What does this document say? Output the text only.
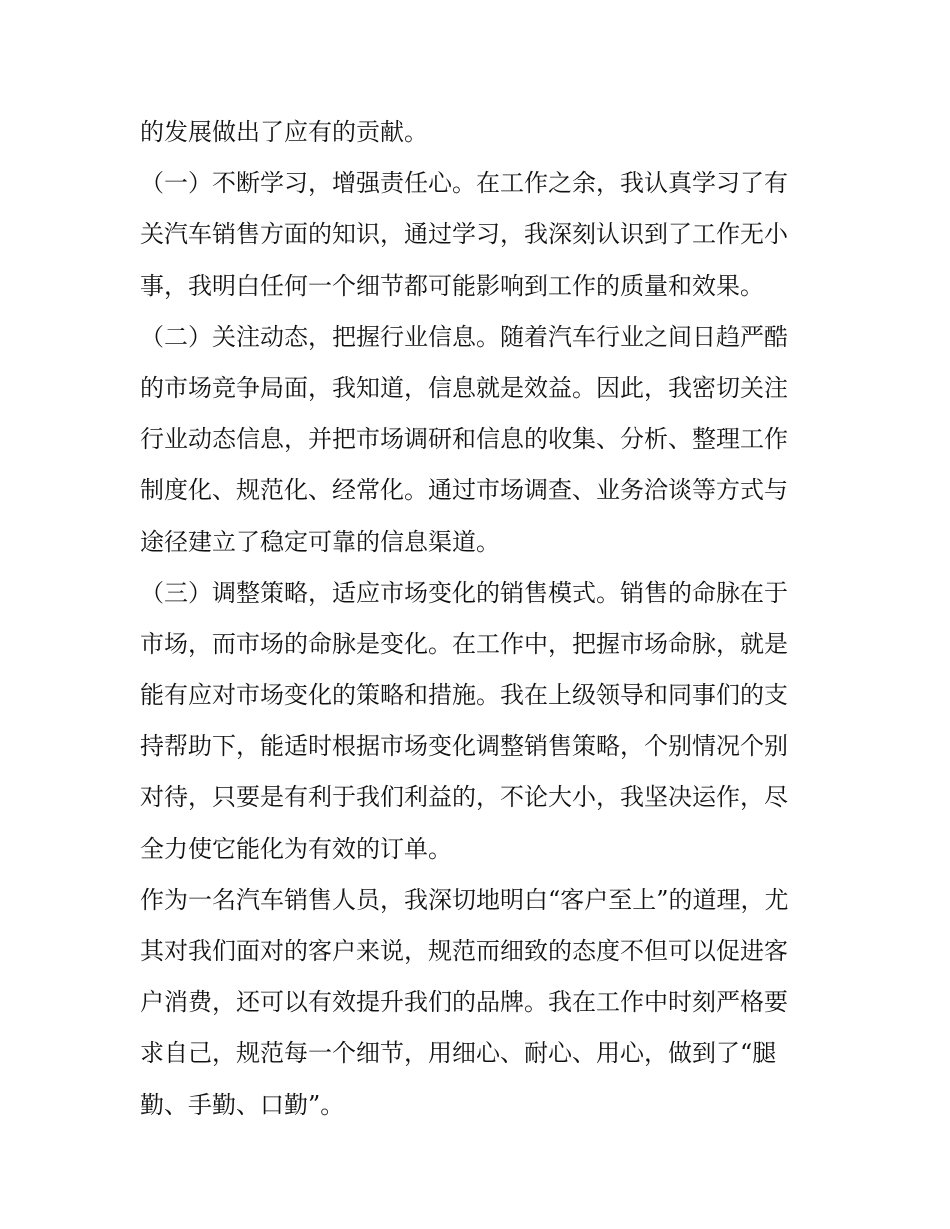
的发展做出了应有的贡献。
（一）不断学习，增强责任心。在工作之余，我认真学习了有
关汽车销售方面的知识，通过学习，我深刻认识到了工作无小
事，我明白任何一个细节都可能影响到工作的质量和效果。
（二）关注动态，把握行业信息。随着汽车行业之间日趋严酷
的市场竞争局面，我知道，信息就是效益。因此，我密切关注
行业动态信息，并把市场调研和信息的收集、分析、整理工作
制度化、规范化、经常化。通过市场调查、业务洽谈等方式与
途径建立了稳定可靠的信息渠道。
（三）调整策略，适应市场变化的销售模式。销售的命脉在于
市场，而市场的命脉是变化。在工作中，把握市场命脉，就是
能有应对市场变化的策略和措施。我在上级领导和同事们的支
持帮助下，能适时根据市场变化调整销售策略，个别情况个别
对待，只要是有利于我们利益的，不论大小，我坚决运作，尽
全力使它能化为有效的订单。
作为一名汽车销售人员，我深切地明白“客户至上”的道理，尤
其对我们面对的客户来说，规范而细致的态度不但可以促进客
户消费，还可以有效提升我们的品牌。我在工作中时刻严格要
求自己，规范每一个细节，用细心、耐心、用心，做到了“腿
勤、手勤、口勤”。
